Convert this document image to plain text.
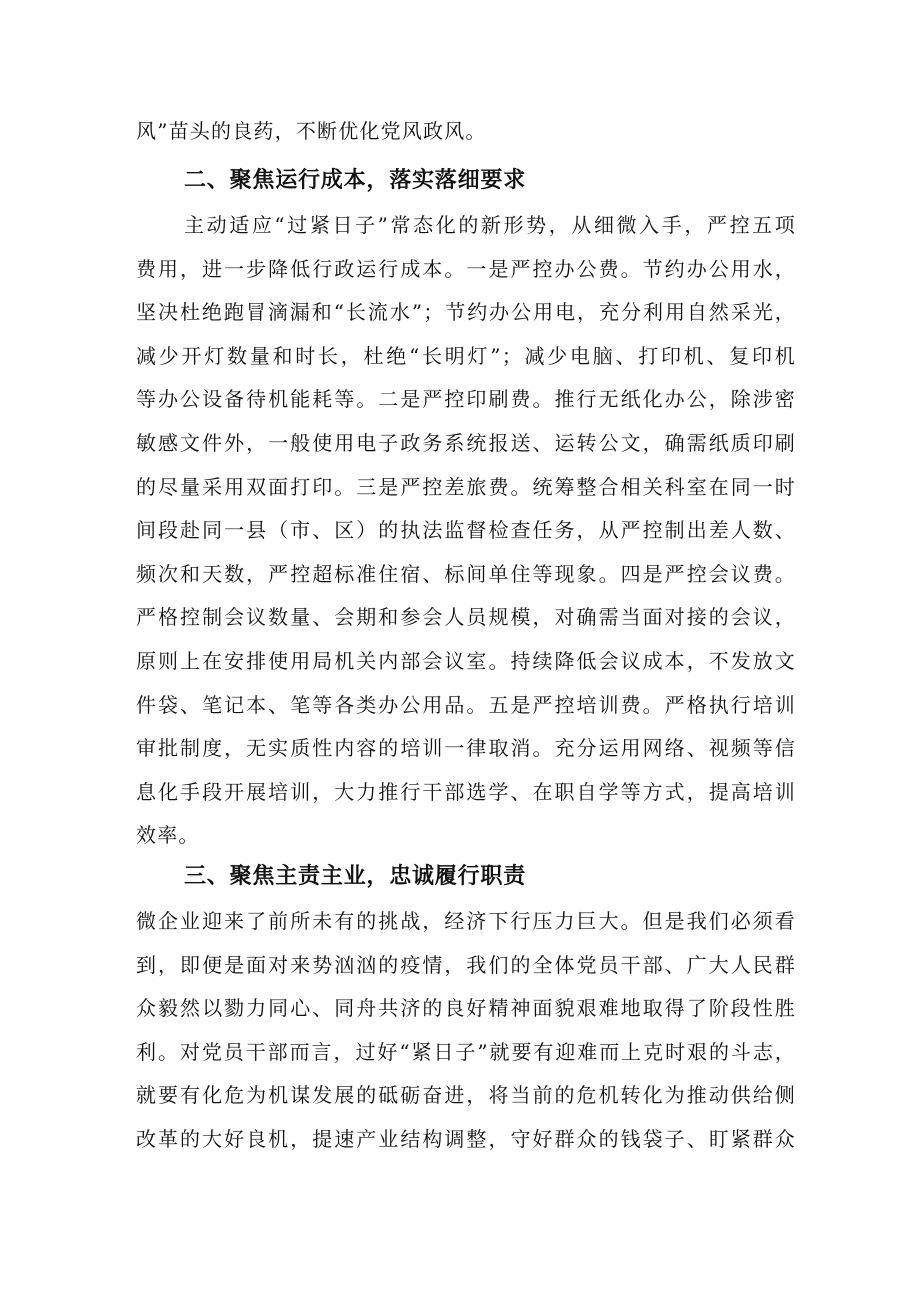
风”苗头的良药，不断优化党风政风。

二、聚焦运行成本，落实落细要求
主动适应“过紧日子”常态化的新形势，从细微入手，严控五项
费用，进一步降低行政运行成本。一是严控办公费。节约办公用水，
坚决杜绝跑冒滴漏和“长流水”；节约办公用电，充分利用自然采光，
减少开灯数量和时长，杜绝“长明灯”；减少电脑、打印机、复印机
等办公设备待机能耗等。二是严控印刷费。推行无纸化办公，除涉密
敏感文件外，一般使用电子政务系统报送、运转公文，确需纸质印刷
的尽量采用双面打印。三是严控差旅费。统筹整合相关科室在同一时
间段赴同一县（市、区）的执法监督检查任务，从严控制出差人数、
频次和天数，严控超标准住宿、标间单住等现象。四是严控会议费。
严格控制会议数量、会期和参会人员规模，对确需当面对接的会议，
原则上在安排使用局机关内部会议室。持续降低会议成本，不发放文
件袋、笔记本、笔等各类办公用品。五是严控培训费。严格执行培训
审批制度，无实质性内容的培训一律取消。充分运用网络、视频等信
息化手段开展培训，大力推行干部选学、在职自学等方式，提高培训
效率。
三、聚焦主责主业，忠诚履行职责
微企业迎来了前所未有的挑战，经济下行压力巨大。但是我们必须看
到，即便是面对来势汹汹的疫情，我们的全体党员干部、广大人民群
众毅然以勠力同心、同舟共济的良好精神面貌艰难地取得了阶段性胜
利。对党员干部而言，过好“紧日子”就要有迎难而上克时艰的斗志，
就要有化危为机谋发展的砥砺奋进，将当前的危机转化为推动供给侧
改革的大好良机，提速产业结构调整，守好群众的钱袋子、盯紧群众
